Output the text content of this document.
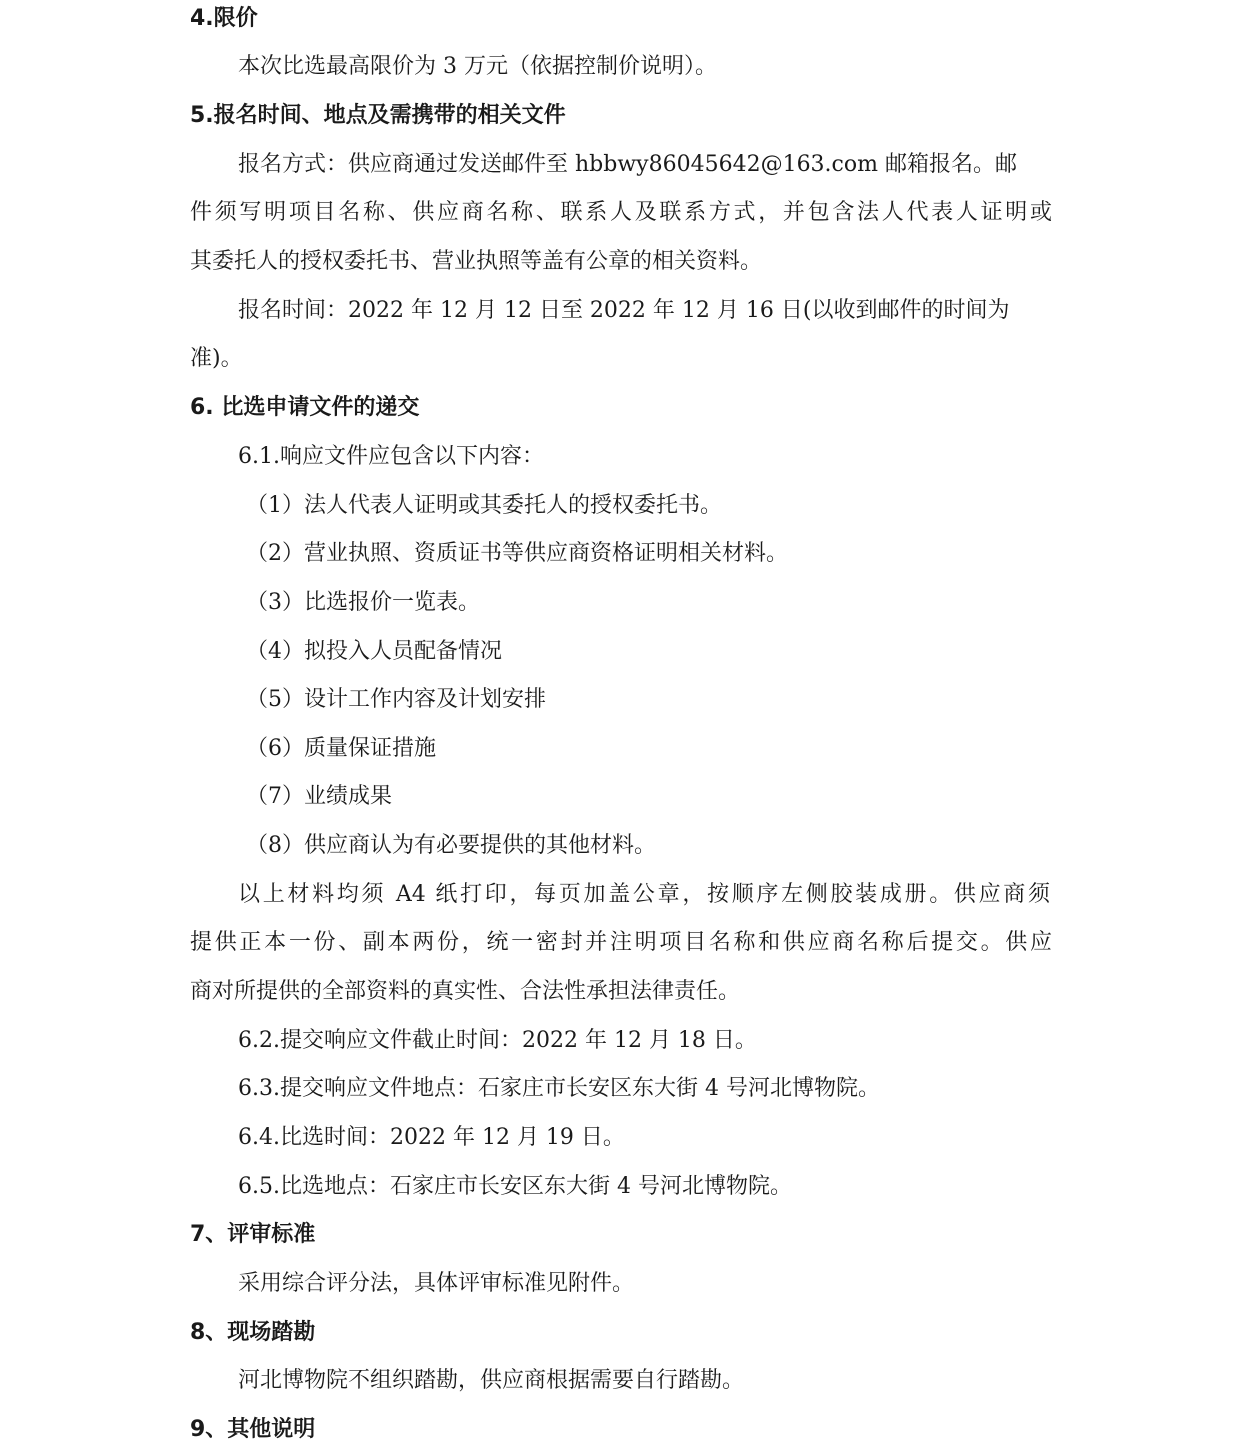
4.限价
本次比选最高限价为 3 万元（依据控制价说明）。
5.报名时间、地点及需携带的相关文件
报名方式：供应商通过发送邮件至 hbbwy86045642@163.com 邮箱报名。邮
件须写明项目名称、供应商名称、联系人及联系方式，并包含法人代表人证明或
其委托人的授权委托书、营业执照等盖有公章的相关资料。
报名时间：2022 年 12 月 12 日至 2022 年 12 月 16 日(以收到邮件的时间为
准)。
6. 比选申请文件的递交
6.1.响应文件应包含以下内容：
（1）法人代表人证明或其委托人的授权委托书。
（2）营业执照、资质证书等供应商资格证明相关材料。
（3）比选报价一览表。
（4）拟投入人员配备情况
（5）设计工作内容及计划安排
（6）质量保证措施
（7）业绩成果
（8）供应商认为有必要提供的其他材料。
以上材料均须 A4 纸打印，每页加盖公章，按顺序左侧胶装成册。供应商须
提供正本一份、副本两份，统一密封并注明项目名称和供应商名称后提交。供应
商对所提供的全部资料的真实性、合法性承担法律责任。
6.2.提交响应文件截止时间：2022 年 12 月 18 日。
6.3.提交响应文件地点：石家庄市长安区东大街 4 号河北博物院。
6.4.比选时间：2022 年 12 月 19 日。
6.5.比选地点：石家庄市长安区东大街 4 号河北博物院。
7、评审标准
采用综合评分法，具体评审标准见附件。
8、现场踏勘
河北博物院不组织踏勘，供应商根据需要自行踏勘。
9、其他说明
